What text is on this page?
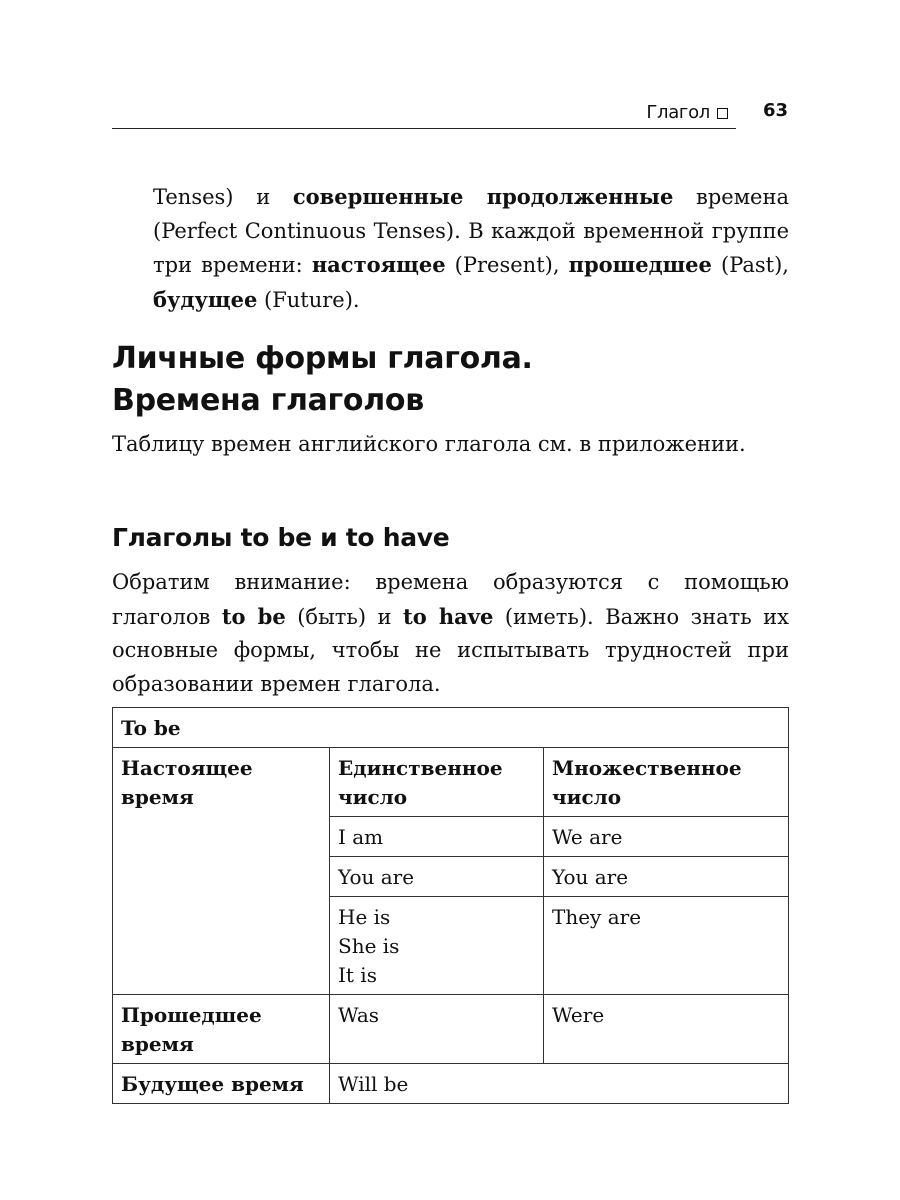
Глагол	63

Tenses) и совершенные продолженные времена (Perfect Continuous Tenses). В каждой временной группе три времени: настоящее (Present), прошедшее (Past), будущее (Future).

Личные формы глагола.
Времена глаголов

Таблицу времен английского глагола см. в приложении.

Глаголы to be и to have

Обратим внимание: времена образуются с помощью глаголов to be (быть) и to have (иметь). Важно знать их основные формы, чтобы не испытывать трудностей при образовании времен глагола.

To be		

Настоящее
время	Единственное
число	Множественное
число

	I am	We are
	You are	You are

	He is
She is
It is	They are

Прошедшее
время	Was	Were
Будущее время	Will be	
